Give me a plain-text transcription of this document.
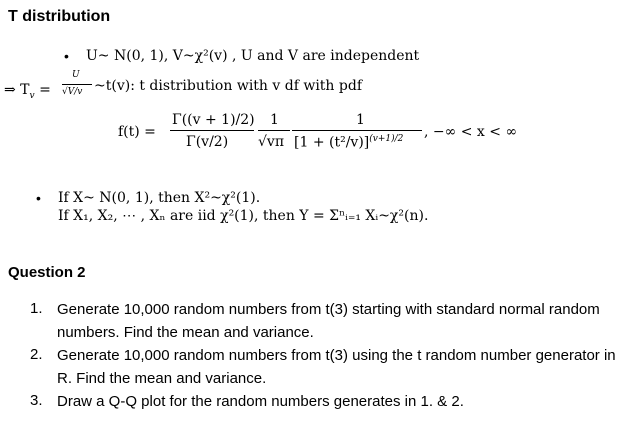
T distribution
• U~ N(0, 1), V~χ²(v) , U and V are independent
⇒ $T_v$ =
U
√V/v ~t(v): t distribution with v df with pdf
f(t) =
Γ((v + 1)/2)
Γ(v/2)
1
√vπ
1
$[1 + (t^2/v)]^{(v+1)/2}$ , −∞ < x < ∞
• If X~ N(0, 1), then X²~χ²(1).
If X₁, X₂, ⋯ , Xₙ are iid χ²(1), then Y = Σⁿᵢ₌₁ Xᵢ~χ²(n).
Question 2
1. Generate 10,000 random numbers from t(3) starting with standard normal random
numbers. Find the mean and variance.
2. Generate 10,000 random numbers from t(3) using the t random number generator in
R. Find the mean and variance.
3. Draw a Q-Q plot for the random numbers generates in 1. & 2.
